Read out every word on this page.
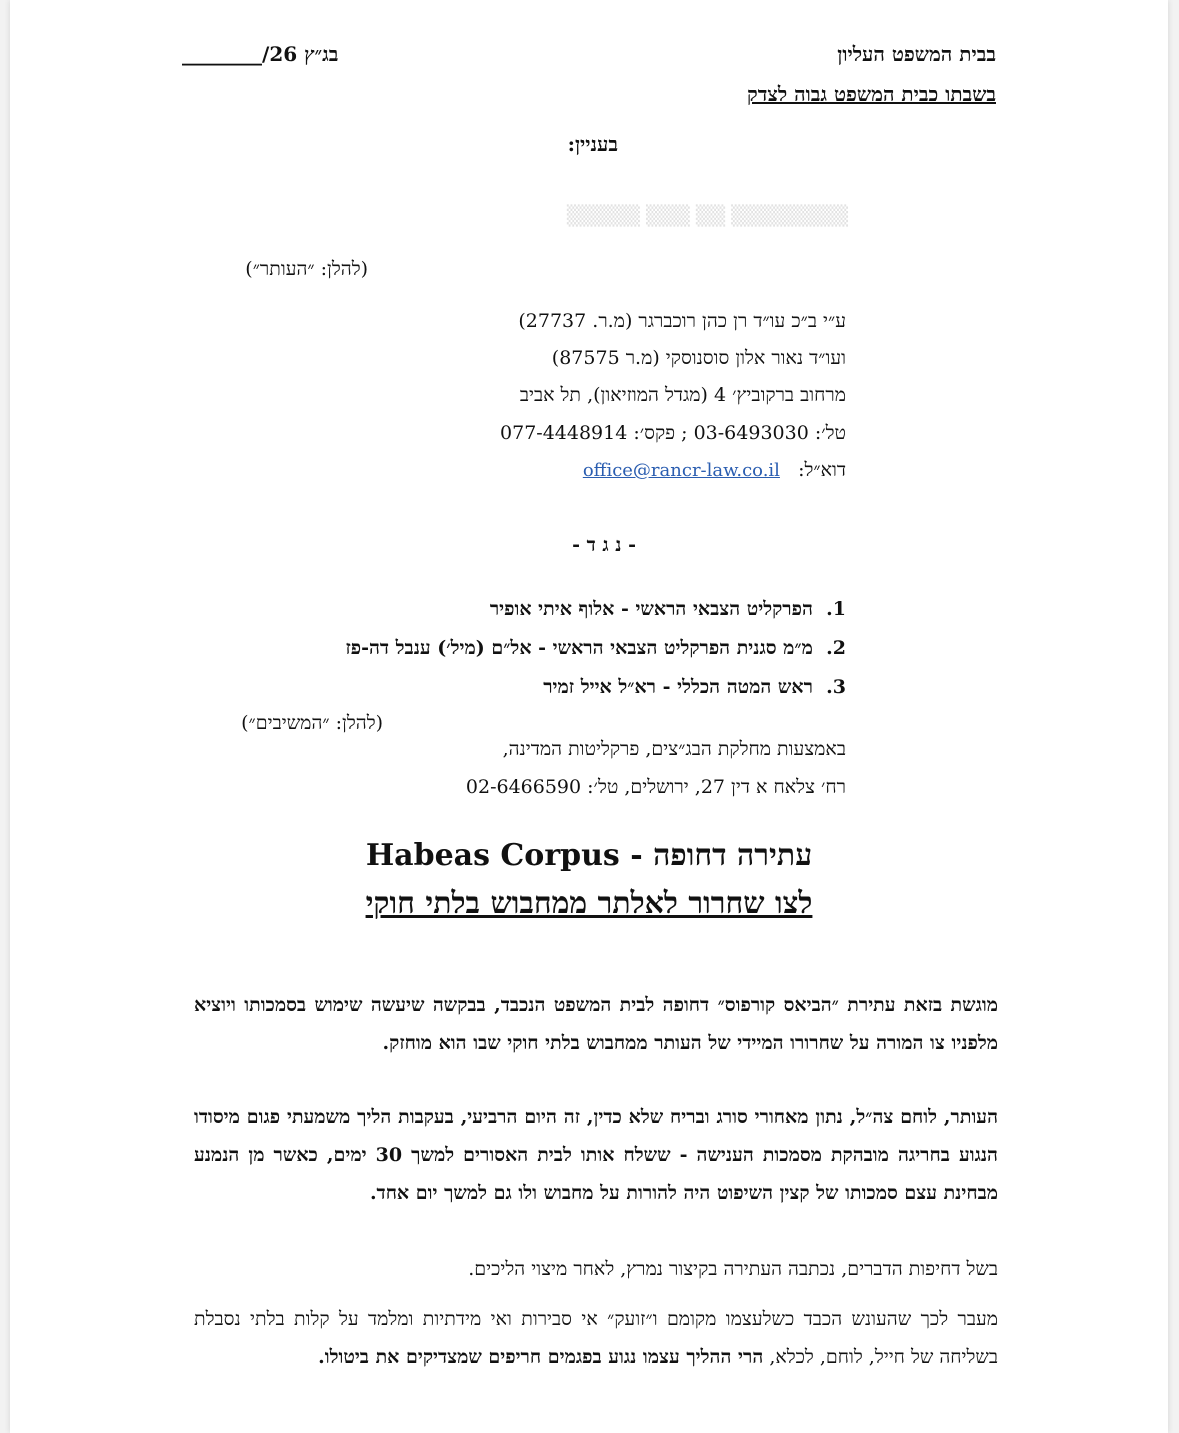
בבית המשפט העליון
בג״ץ 26/________
בשבתו כבית המשפט גבוה לצדק
בעניין:
▒▒▒▒▒ ▒▒▒ ▒▒ ▒▒▒▒▒▒▒▒
(להלן: ״העותר״)
ע״י ב״כ עו״ד רן כהן רוכברגר (מ.ר. 27737)
ועו״ד נאור אלון סוסנוסקי (מ.ר 87575)
מרחוב ברקוביץ׳ 4 (מגדל המוזיאון), תל אביב
טל׳: 03-6493030 ; פקס׳: 077-4448914
דוא״ל:   office@rancr-law.co.il
- נ ג ד -
1.  הפרקליט הצבאי הראשי - אלוף איתי אופיר
2.  מ״מ סגנית הפרקליט הצבאי הראשי - אל״ם (מיל׳) ענבל דה-פז
3.  ראש המטה הכללי - רא״ל אייל זמיר
(להלן: ״המשיבים״)
באמצעות מחלקת הבג״צים, פרקליטות המדינה,
רח׳ צלאח א דין 27, ירושלים, טל׳: 02-6466590
עתירה דחופה - Habeas Corpus
לצו שחרור לאלתר ממחבוש בלתי חוקי
מוגשת בזאת עתירת ״הביאס קורפוס״ דחופה לבית המשפט הנכבד, בבקשה שיעשה שימוש בסמכותו ויוציא מלפניו צו המורה על שחרורו המיידי של העותר ממחבוש בלתי חוקי שבו הוא מוחזק.
העותר, לוחם צה״ל, נתון מאחורי סורג ובריח שלא כדין, זה היום הרביעי, בעקבות הליך משמעתי פגום מיסודו הנגוע בחריגה מובהקת מסמכות הענישה - ששלח אותו לבית האסורים למשך 30 ימים, כאשר מן הנמנע מבחינת עצם סמכותו של קצין השיפוט היה להורות על מחבוש ולו גם למשך יום אחד.
בשל דחיפות הדברים, נכתבה העתירה בקיצור נמרץ, לאחר מיצוי הליכים.
מעבר לכך שהעונש הכבד כשלעצמו מקומם ו״זועק״ אי סבירות ואי מידתיות ומלמד על קלות בלתי נסבלת בשליחה של חייל, לוחם, לכלא, הרי ההליך עצמו נגוע בפגמים חריפים שמצדיקים את ביטולו.
